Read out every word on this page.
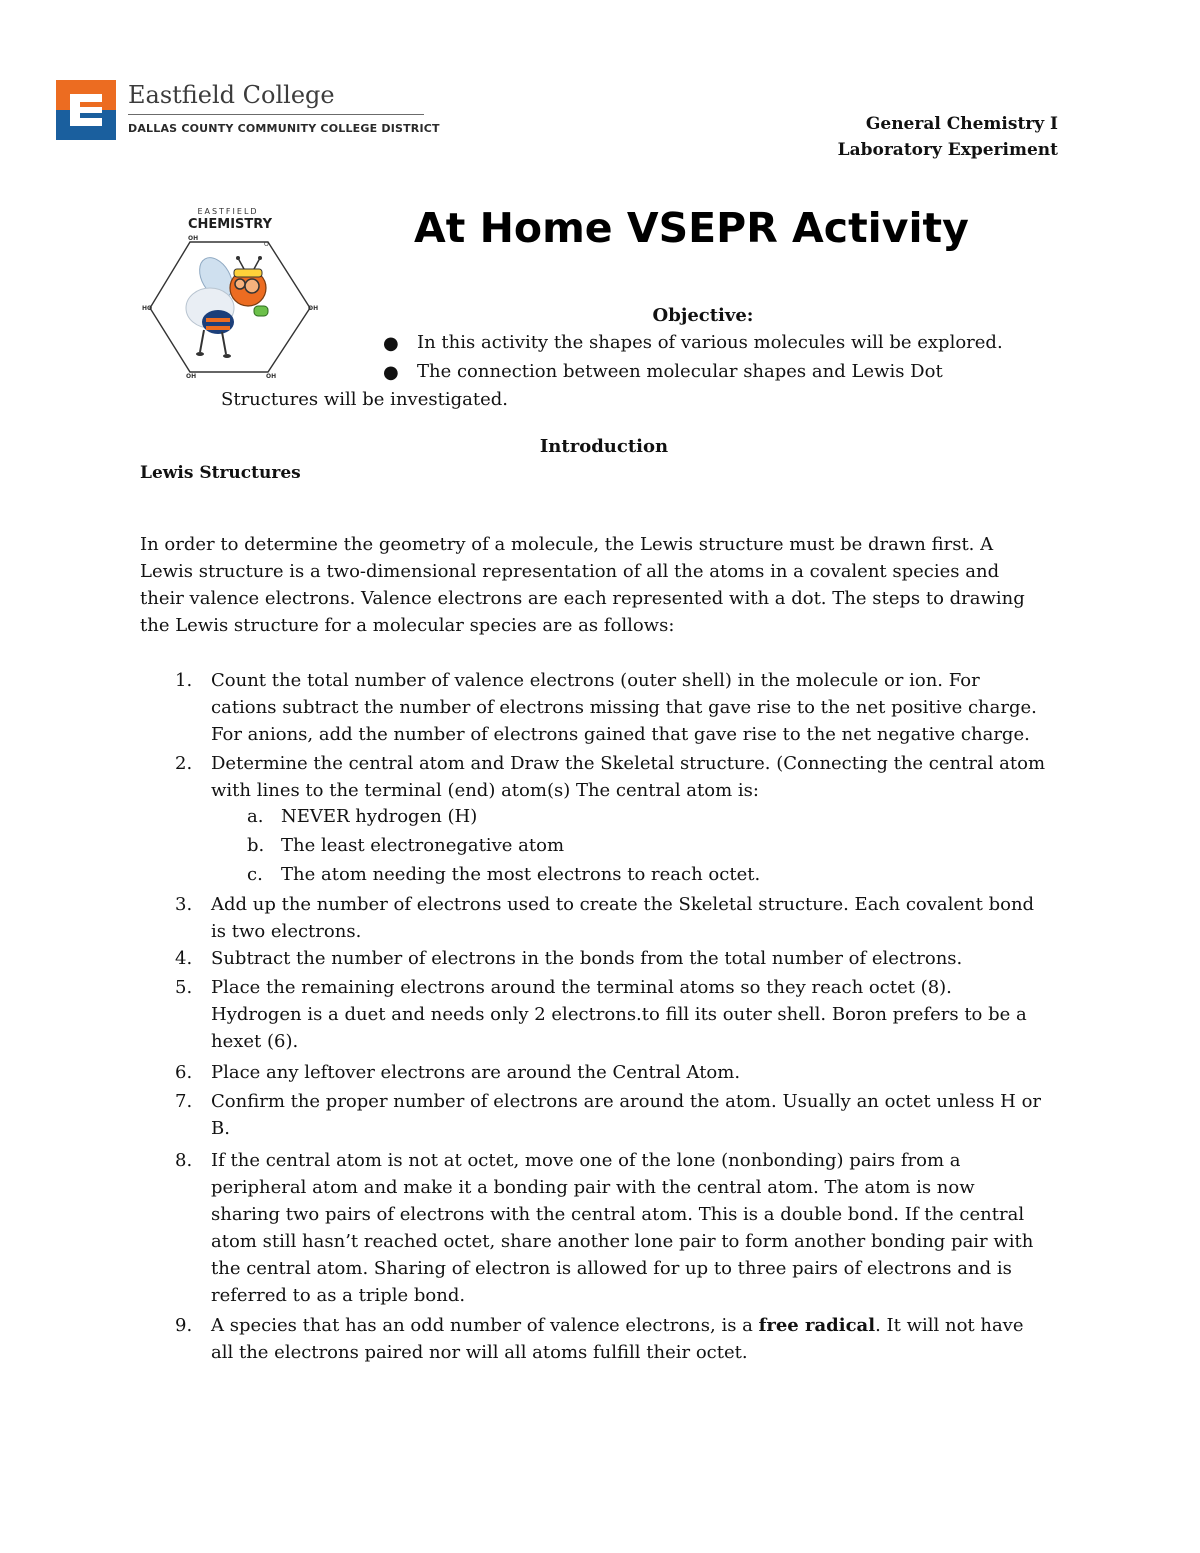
Eastfield College
DALLAS COUNTY COMMUNITY COLLEGE DISTRICT	General Chemistry I
Laboratory Experiment
EASTFIELD
CHEMISTRY
OH
O
HO	OH
OH	OH
At Home VSEPR Activity
Objective:
● In this activity the shapes of various molecules will be explored.
● The connection between molecular shapes and Lewis Dot
Structures will be investigated.
Introduction
Lewis Structures

In order to determine the geometry of a molecule, the Lewis structure must be drawn first. A

Lewis structure is a two-dimensional representation of all the atoms in a covalent species and

their valence electrons. Valence electrons are each represented with a dot. The steps to drawing

the Lewis structure for a molecular species are as follows:

1. Count the total number of valence electrons (outer shell) in the molecule or ion. For
cations subtract the number of electrons missing that gave rise to the net positive charge.
For anions, add the number of electrons gained that gave rise to the net negative charge.
2. Determine the central atom and Draw the Skeletal structure. (Connecting the central atom
with lines to the terminal (end) atom(s) The central atom is:
a. NEVER hydrogen (H)
b. The least electronegative atom
c. The atom needing the most electrons to reach octet.
3. Add up the number of electrons used to create the Skeletal structure. Each covalent bond
is two electrons.
4. Subtract the number of electrons in the bonds from the total number of electrons.
5. Place the remaining electrons around the terminal atoms so they reach octet (8).
Hydrogen is a duet and needs only 2 electrons.to fill its outer shell. Boron prefers to be a
hexet (6).
6. Place any leftover electrons are around the Central Atom.
7. Confirm the proper number of electrons are around the atom. Usually an octet unless H or
B.
8. If the central atom is not at octet, move one of the lone (nonbonding) pairs from a
peripheral atom and make it a bonding pair with the central atom. The atom is now
sharing two pairs of electrons with the central atom. This is a double bond. If the central
atom still hasn’t reached octet, share another lone pair to form another bonding pair with
the central atom. Sharing of electron is allowed for up to three pairs of electrons and is
referred to as a triple bond.
9. A species that has an odd number of valence electrons, is a free radical. It will not have
all the electrons paired nor will all atoms fulfill their octet.
